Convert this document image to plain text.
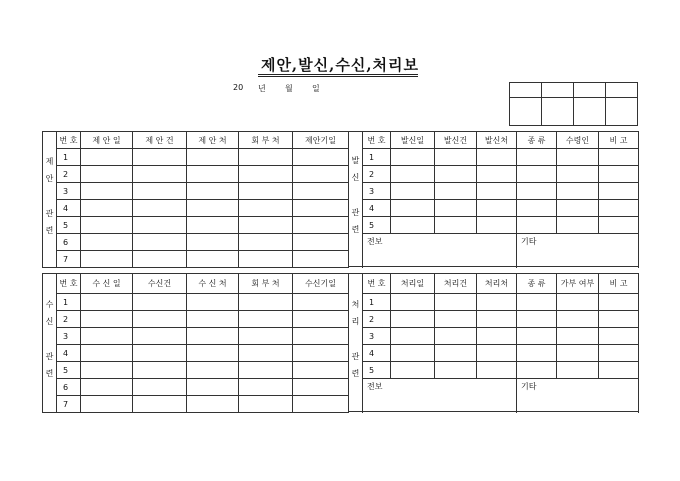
제안,발신,수신,처리보
20 년 월 일

제안 관련	번 호	제 안 일	제 안 건	제 안 처	회 부 처	제안기일
	1					
	2					
	3					
	4					
	5					
	6					
	7					
발신 관련	번 호	발신일	발신건	발신처	종 류	수령인	비 고
	1						
	2						
	3						
	4						
	5						
	전보				기타		

수신 관련	번 호	수 신 일	수신건	수 신 처	회 부 처	수신기일
	1					
	2					
	3					
	4					
	5					
	6					
	7					
처리 관련	번 호	처리일	처리건	처리처	종 류	가부 여부	비 고
	1						
	2						
	3						
	4						
	5						
	전보				기타		
